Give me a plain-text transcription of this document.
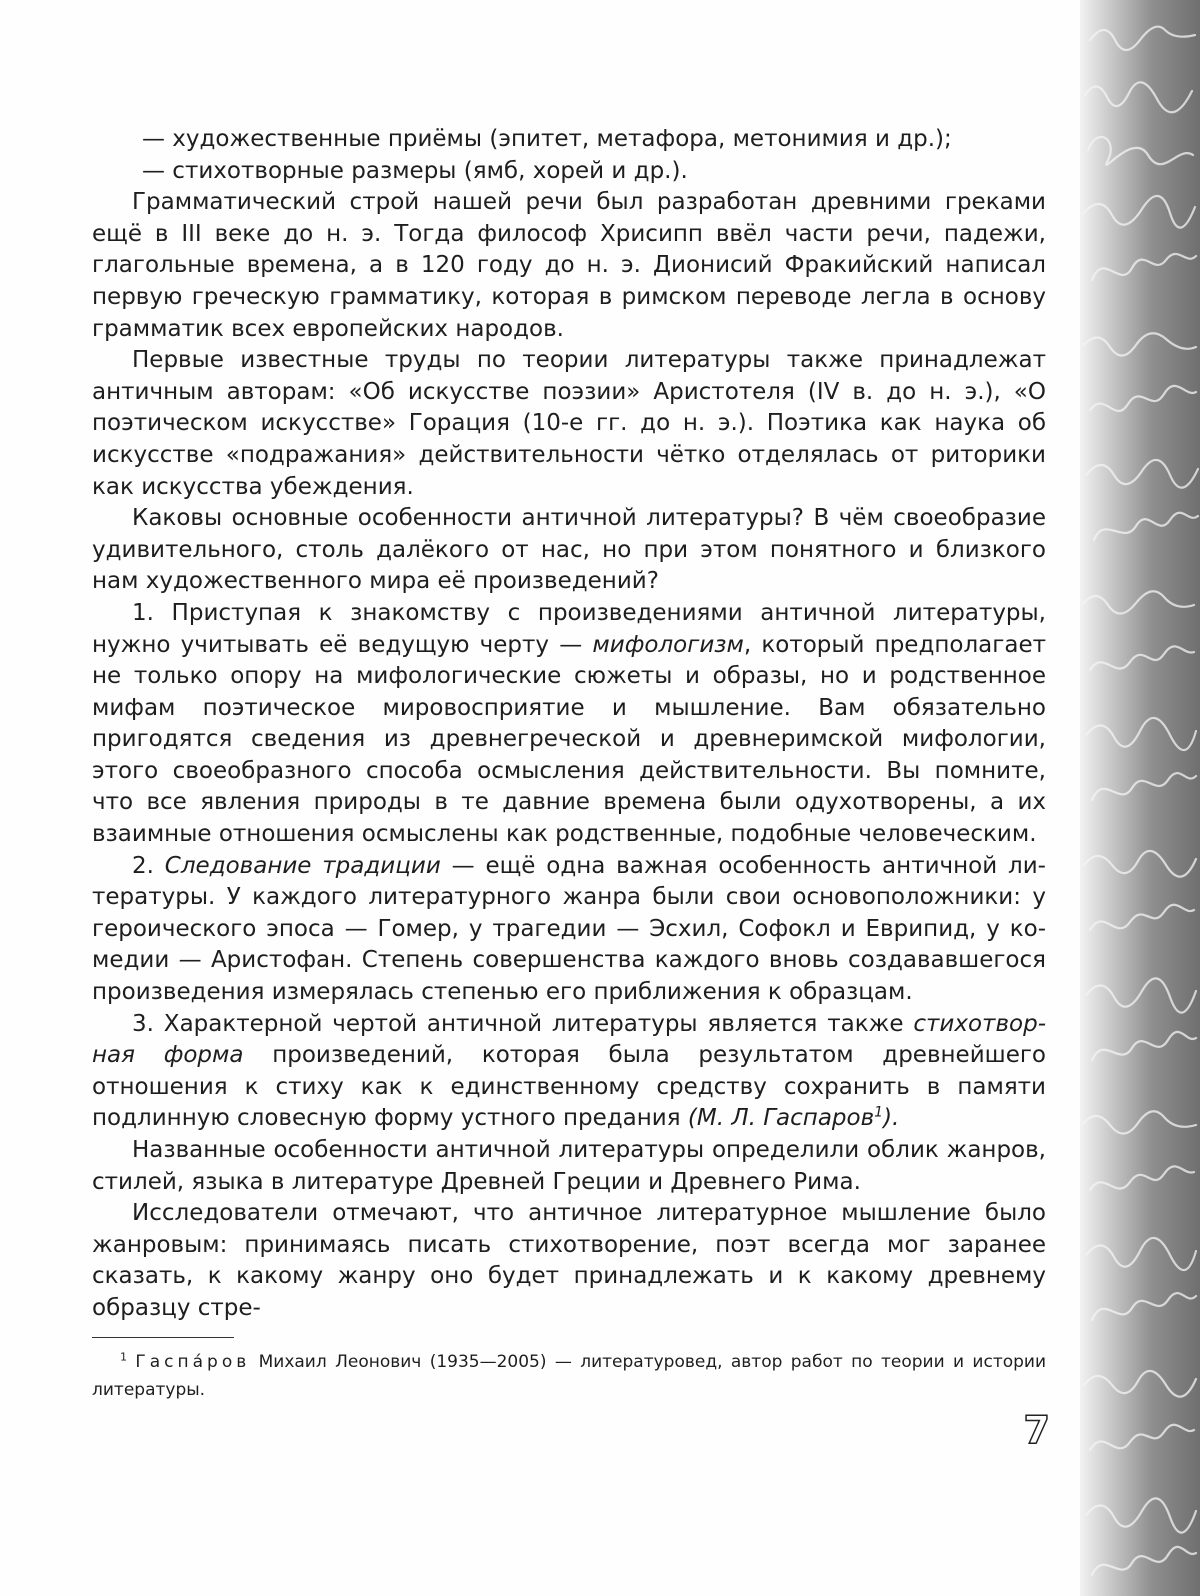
— художественные приёмы (эпитет, метафора, метонимия и др.);

— стихотворные размеры (ямб, хорей и др.).

Грамматический строй нашей речи был разработан древними греками ещё в III веке до н. э. Тогда философ Хрисипп ввёл части речи, падежи, глагольные времена, а в 120 году до н. э. Дионисий Фракийский написал первую греческую грамматику, которая в римском переводе легла в основу грамматик всех европейских народов.

Первые известные труды по теории литературы также принадлежат античным авторам: «Об искусстве поэзии» Аристотеля (IV в. до н. э.), «О поэтическом искусстве» Горация (10-е гг. до н. э.). Поэтика как наука об искусстве «подражания» действительности чётко отделялась от риторики как искусства убеждения.

Каковы основные особенности античной литературы? В чём своеобразие удивительного, столь далёкого от нас, но при этом понятного и близкого нам художественного мира её произведений?

1. Приступая к знакомству с произведениями античной литературы, нужно учитывать её ведущую черту — мифологизм, который предполагает не только опору на мифологические сюжеты и образы, но и родственное мифам поэтическое мировосприятие и мышление. Вам обязательно пригодятся сведения из древнегреческой и древнеримской мифологии, этого своеобразного способа осмысления действительности. Вы помните, что все явления природы в те давние времена были одухотворены, а их взаимные отношения осмыслены как родственные, подобные человеческим.

2. Следование традиции — ещё одна важная особенность античной литературы. У каждого литературного жанра были свои основоположники: у героического эпоса — Гомер, у трагедии — Эсхил, Софокл и Еврипид, у комедии — Аристофан. Степень совершенства каждого вновь создававшегося произведения измерялась степенью его приближения к образцам.

3. Характерной чертой античной литературы является также стихотворная форма произведений, которая была результатом древнейшего отношения к стиху как к единственному средству сохранить в памяти подлинную словесную форму устного предания (М. Л. Гаспаров$^1$).

Названные особенности античной литературы определили облик жанров, стилей, языка в литературе Древней Греции и Древнего Рима.

Исследователи отмечают, что античное литературное мышление было жанровым: принимаясь писать стихотворение, поэт всегда мог заранее сказать, к какому жанру оно будет принадлежать и к какому древнему образцу стре-

$^1$ Гаспа́ров Михаил Леонович (1935—2005) — литературовед, автор работ по теории и истории литературы.
7
